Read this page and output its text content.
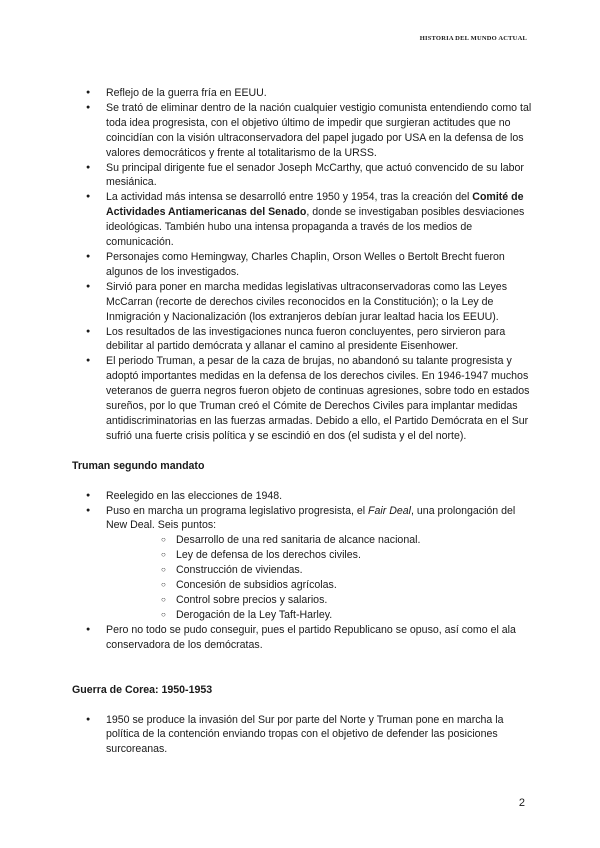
HISTORIA DEL MUNDO ACTUAL
● Reflejo de la guerra fría en EEUU.
● Se trató de eliminar dentro de la nación cualquier vestigio comunista entendiendo como tal toda idea progresista, con el objetivo último de impedir que surgieran actitudes que no coincidían con la visión ultraconservadora del papel jugado por USA en la defensa de los valores democráticos y frente al totalitarismo de la URSS.
● Su principal dirigente fue el senador Joseph McCarthy, que actuó convencido de su labor mesiánica.
● La actividad más intensa se desarrolló entre 1950 y 1954, tras la creación del Comité de Actividades Antiamericanas del Senado, donde se investigaban posibles desviaciones ideológicas. También hubo una intensa propaganda a través de los medios de comunicación.
● Personajes como Hemingway, Charles Chaplin, Orson Welles o Bertolt Brecht fueron algunos de los investigados.
● Sirvió para poner en marcha medidas legislativas ultraconservadoras como las Leyes McCarran (recorte de derechos civiles reconocidos en la Constitución); o la Ley de Inmigración y Nacionalización (los extranjeros debían jurar lealtad hacia los EEUU).
● Los resultados de las investigaciones nunca fueron concluyentes, pero sirvieron para debilitar al partido demócrata y allanar el camino al presidente Eisenhower.
● El periodo Truman, a pesar de la caza de brujas, no abandonó su talante progresista y adoptó importantes medidas en la defensa de los derechos civiles. En 1946-1947 muchos veteranos de guerra negros fueron objeto de continuas agresiones, sobre todo en estados sureños, por lo que Truman creó el Cómite de Derechos Civiles para implantar medidas antidiscriminatorias en las fuerzas armadas. Debido a ello, el Partido Demócrata en el Sur sufrió una fuerte crisis política y se escindió en dos (el sudista y el del norte).
Truman segundo mandato
● Reelegido en las elecciones de 1948.
● Puso en marcha un programa legislativo progresista, el Fair Deal, una prolongación del New Deal. Seis puntos:
○ Desarrollo de una red sanitaria de alcance nacional.
○ Ley de defensa de los derechos civiles.
○ Construcción de viviendas.
○ Concesión de subsidios agrícolas.
○ Control sobre precios y salarios.
○ Derogación de la Ley Taft-Harley.
● Pero no todo se pudo conseguir, pues el partido Republicano se opuso, así como el ala conservadora de los demócratas.
Guerra de Corea: 1950-1953
● 1950 se produce la invasión del Sur por parte del Norte y Truman pone en marcha la política de la contención enviando tropas con el objetivo de defender las posiciones surcoreanas.
2
